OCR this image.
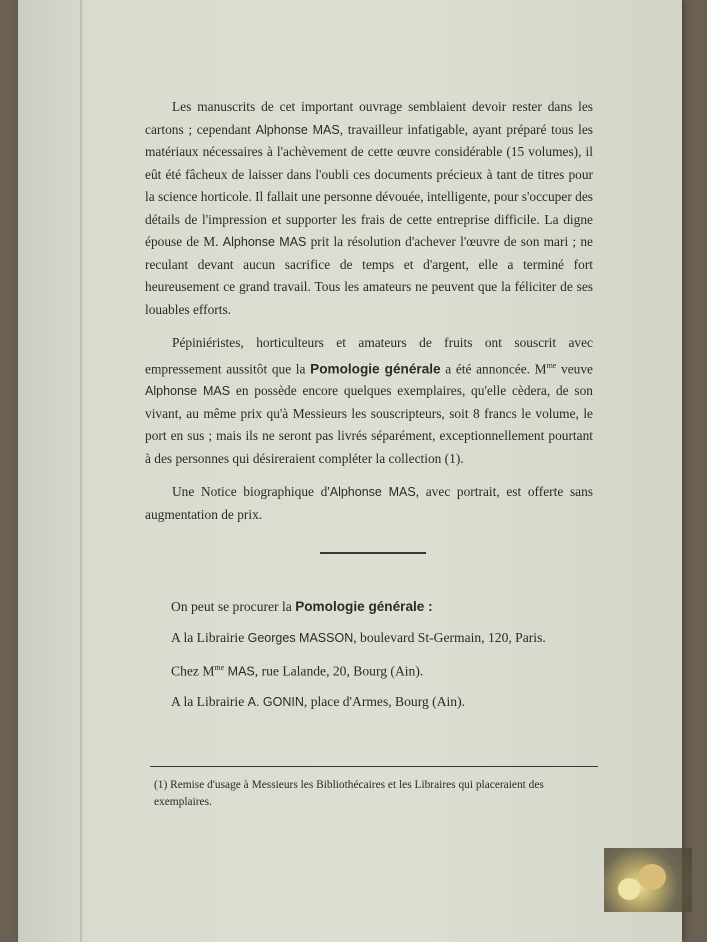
Les manuscrits de cet important ouvrage semblaient devoir rester dans les cartons ; cependant Alphonse MAS, travailleur infatigable, ayant préparé tous les matériaux nécessaires à l'achèvement de cette œuvre considérable (15 volumes), il eût été fâcheux de laisser dans l'oubli ces documents précieux à tant de titres pour la science horticole. Il fallait une personne dévouée, intelligente, pour s'occuper des détails de l'impression et supporter les frais de cette entreprise difficile. La digne épouse de M. Alphonse MAS prit la résolution d'achever l'œuvre de son mari ; ne reculant devant aucun sacrifice de temps et d'argent, elle a terminé fort heureusement ce grand travail. Tous les amateurs ne peuvent que la féliciter de ses louables efforts.

Pépiniéristes, horticulteurs et amateurs de fruits ont souscrit avec empressement aussitôt que la Pomologie générale a été annoncée. $M^{me}$ veuve Alphonse MAS en possède encore quelques exemplaires, qu'elle cèdera, de son vivant, au même prix qu'à Messieurs les souscripteurs, soit 8 francs le volume, le port en sus ; mais ils ne seront pas livrés séparément, exceptionnellement pourtant à des personnes qui désireraient compléter la collection (1).

Une Notice biographique d'Alphonse MAS, avec portrait, est offerte sans augmentation de prix.

On peut se procurer la Pomologie générale :
A la Librairie Georges MASSON, boulevard St-Germain, 120, Paris.
Chez $M^{me}$ MAS, rue Lalande, 20, Bourg (Ain).
A la Librairie A. GONIN, place d'Armes, Bourg (Ain).
(1) Remise d'usage à Messieurs les Bibliothécaires et les Libraires qui placeraient des exemplaires.
